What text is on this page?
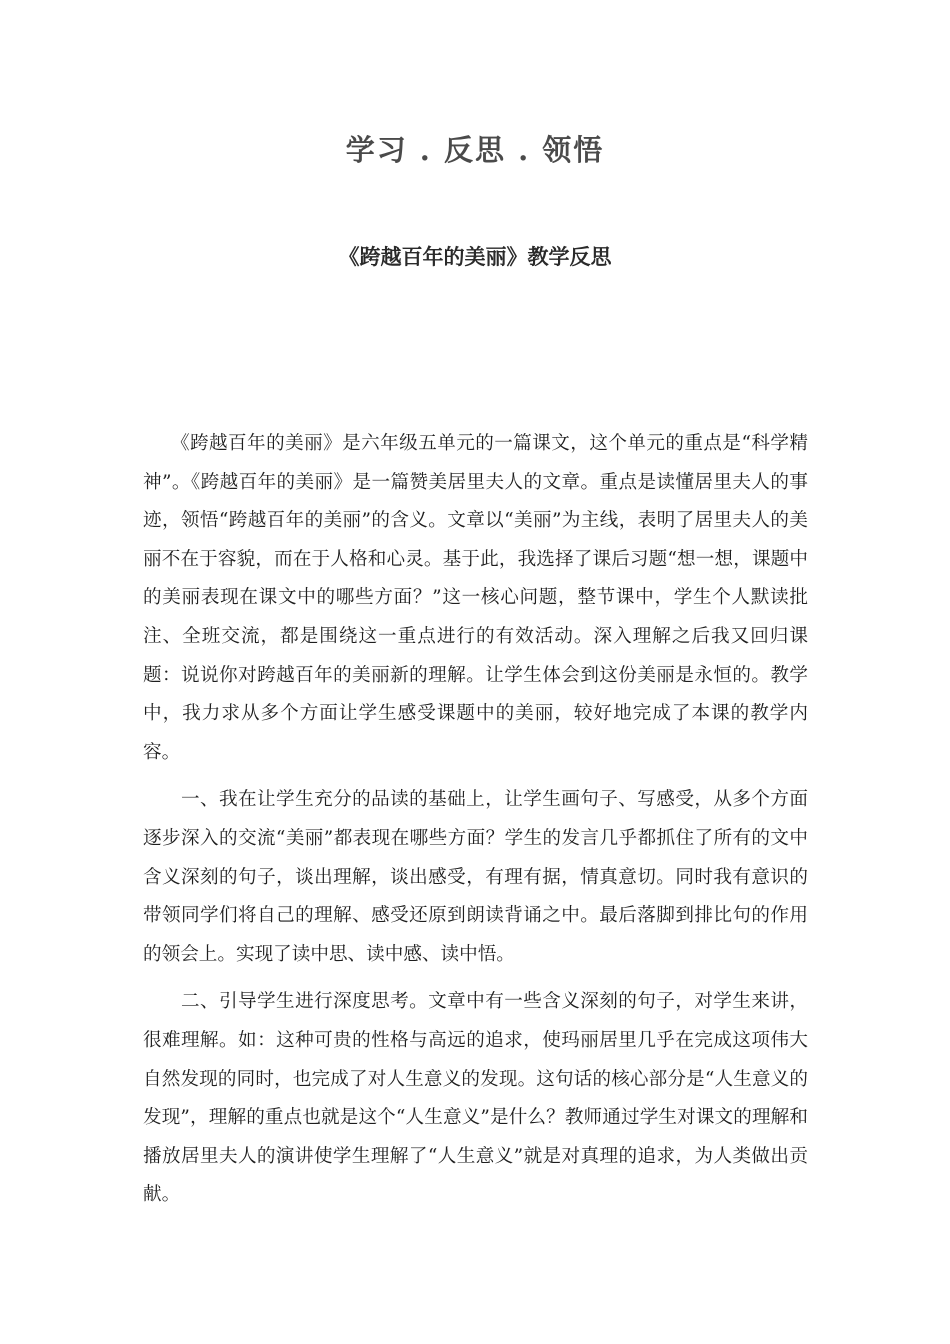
学习 . 反思 . 领悟
《跨越百年的美丽》教学反思

《跨越百年的美丽》是六年级五单元的一篇课文，这个单元的重点是“科学精神”。《跨越百年的美丽》是一篇赞美居里夫人的文章。重点是读懂居里夫人的事迹，领悟“跨越百年的美丽”的含义。文章以“美丽”为主线，表明了居里夫人的美丽不在于容貌，而在于人格和心灵。基于此，我选择了课后习题“想一想，课题中的美丽表现在课文中的哪些方面？”这一核心问题，整节课中，学生个人默读批注、全班交流，都是围绕这一重点进行的有效活动。深入理解之后我又回归课题：说说你对跨越百年的美丽新的理解。让学生体会到这份美丽是永恒的。教学中，我力求从多个方面让学生感受课题中的美丽，较好地完成了本课的教学内容。

一、我在让学生充分的品读的基础上，让学生画句子、写感受，从多个方面逐步深入的交流“美丽”都表现在哪些方面？学生的发言几乎都抓住了所有的文中含义深刻的句子，谈出理解，谈出感受，有理有据，情真意切。同时我有意识的带领同学们将自己的理解、感受还原到朗读背诵之中。最后落脚到排比句的作用的领会上。实现了读中思、读中感、读中悟。

二、引导学生进行深度思考。文章中有一些含义深刻的句子，对学生来讲，很难理解。如：这种可贵的性格与高远的追求，使玛丽居里几乎在完成这项伟大自然发现的同时，也完成了对人生意义的发现。这句话的核心部分是“人生意义的发现”，理解的重点也就是这个“人生意义”是什么？教师通过学生对课文的理解和播放居里夫人的演讲使学生理解了“人生意义”就是对真理的追求，为人类做出贡献。
